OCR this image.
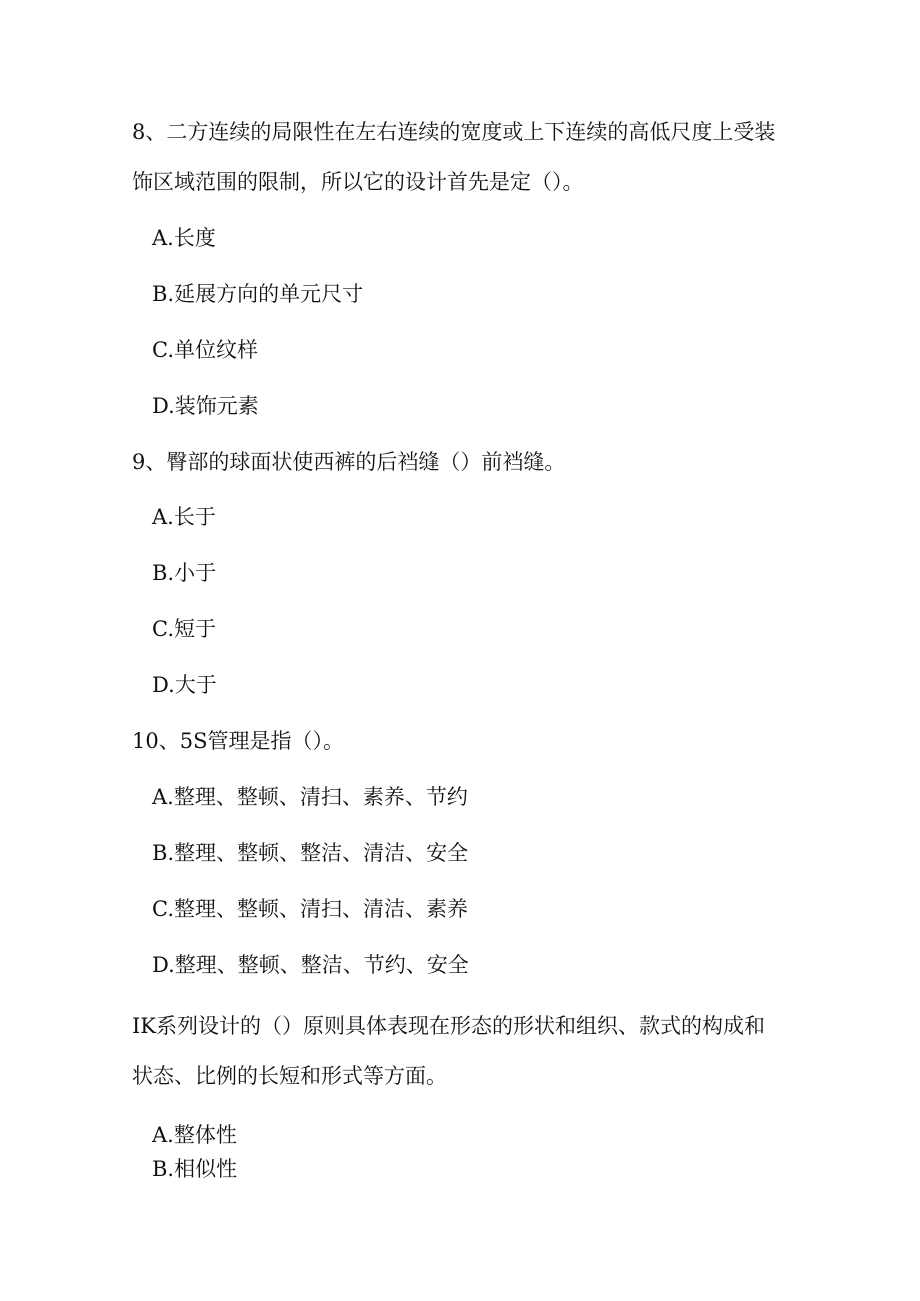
8、二方连续的局限性在左右连续的宽度或上下连续的高低尺度上受装
饰区域范围的限制，所以它的设计首先是定（）。
A.长度
B.延展方向的单元尺寸
C.单位纹样
D.装饰元素
9、臀部的球面状使西裤的后裆缝（）前裆缝。
A.长于
B.小于
C.短于
D.大于
10、5S管理是指（）。
A.整理、整顿、清扫、素养、节约
B.整理、整顿、整洁、清洁、安全
C.整理、整顿、清扫、清洁、素养
D.整理、整顿、整洁、节约、安全
IK系列设计的（）原则具体表现在形态的形状和组织、款式的构成和
状态、比例的长短和形式等方面。
A.整体性
B.相似性
